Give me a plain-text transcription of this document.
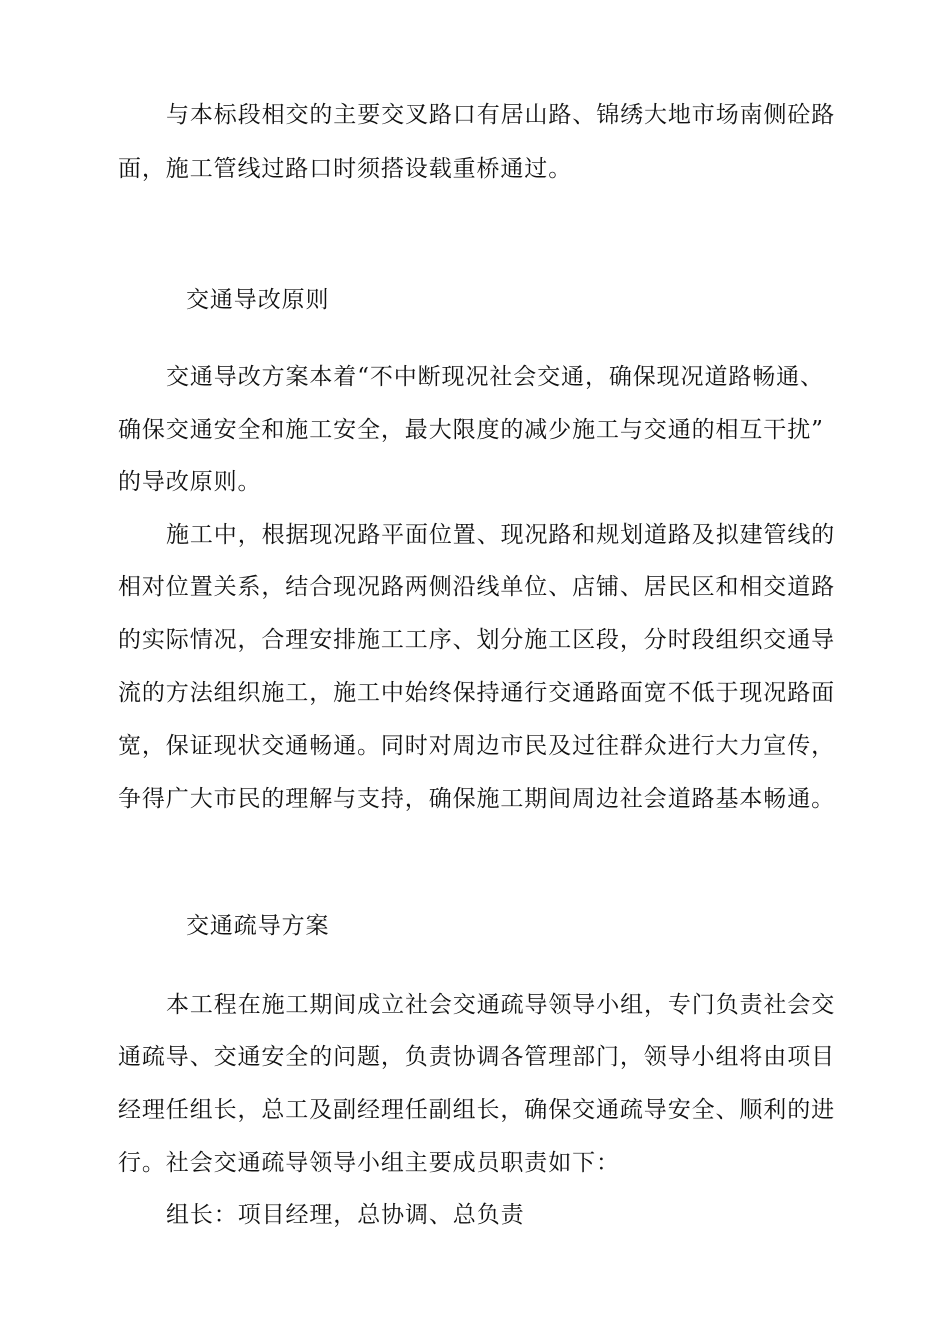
与本标段相交的主要交叉路口有居山路、锦绣大地市场南侧砼路
面，施工管线过路口时须搭设载重桥通过。
交通导改原则
交通导改方案本着“不中断现况社会交通，确保现况道路畅通、
确保交通安全和施工安全，最大限度的减少施工与交通的相互干扰”
的导改原则。
施工中，根据现况路平面位置、现况路和规划道路及拟建管线的
相对位置关系，结合现况路两侧沿线单位、店铺、居民区和相交道路
的实际情况，合理安排施工工序、划分施工区段，分时段组织交通导
流的方法组织施工，施工中始终保持通行交通路面宽不低于现况路面
宽，保证现状交通畅通。同时对周边市民及过往群众进行大力宣传，
争得广大市民的理解与支持，确保施工期间周边社会道路基本畅通。
交通疏导方案
本工程在施工期间成立社会交通疏导领导小组，专门负责社会交
通疏导、交通安全的问题，负责协调各管理部门，领导小组将由项目
经理任组长，总工及副经理任副组长，确保交通疏导安全、顺利的进
行。社会交通疏导领导小组主要成员职责如下：
组长：项目经理，总协调、总负责
